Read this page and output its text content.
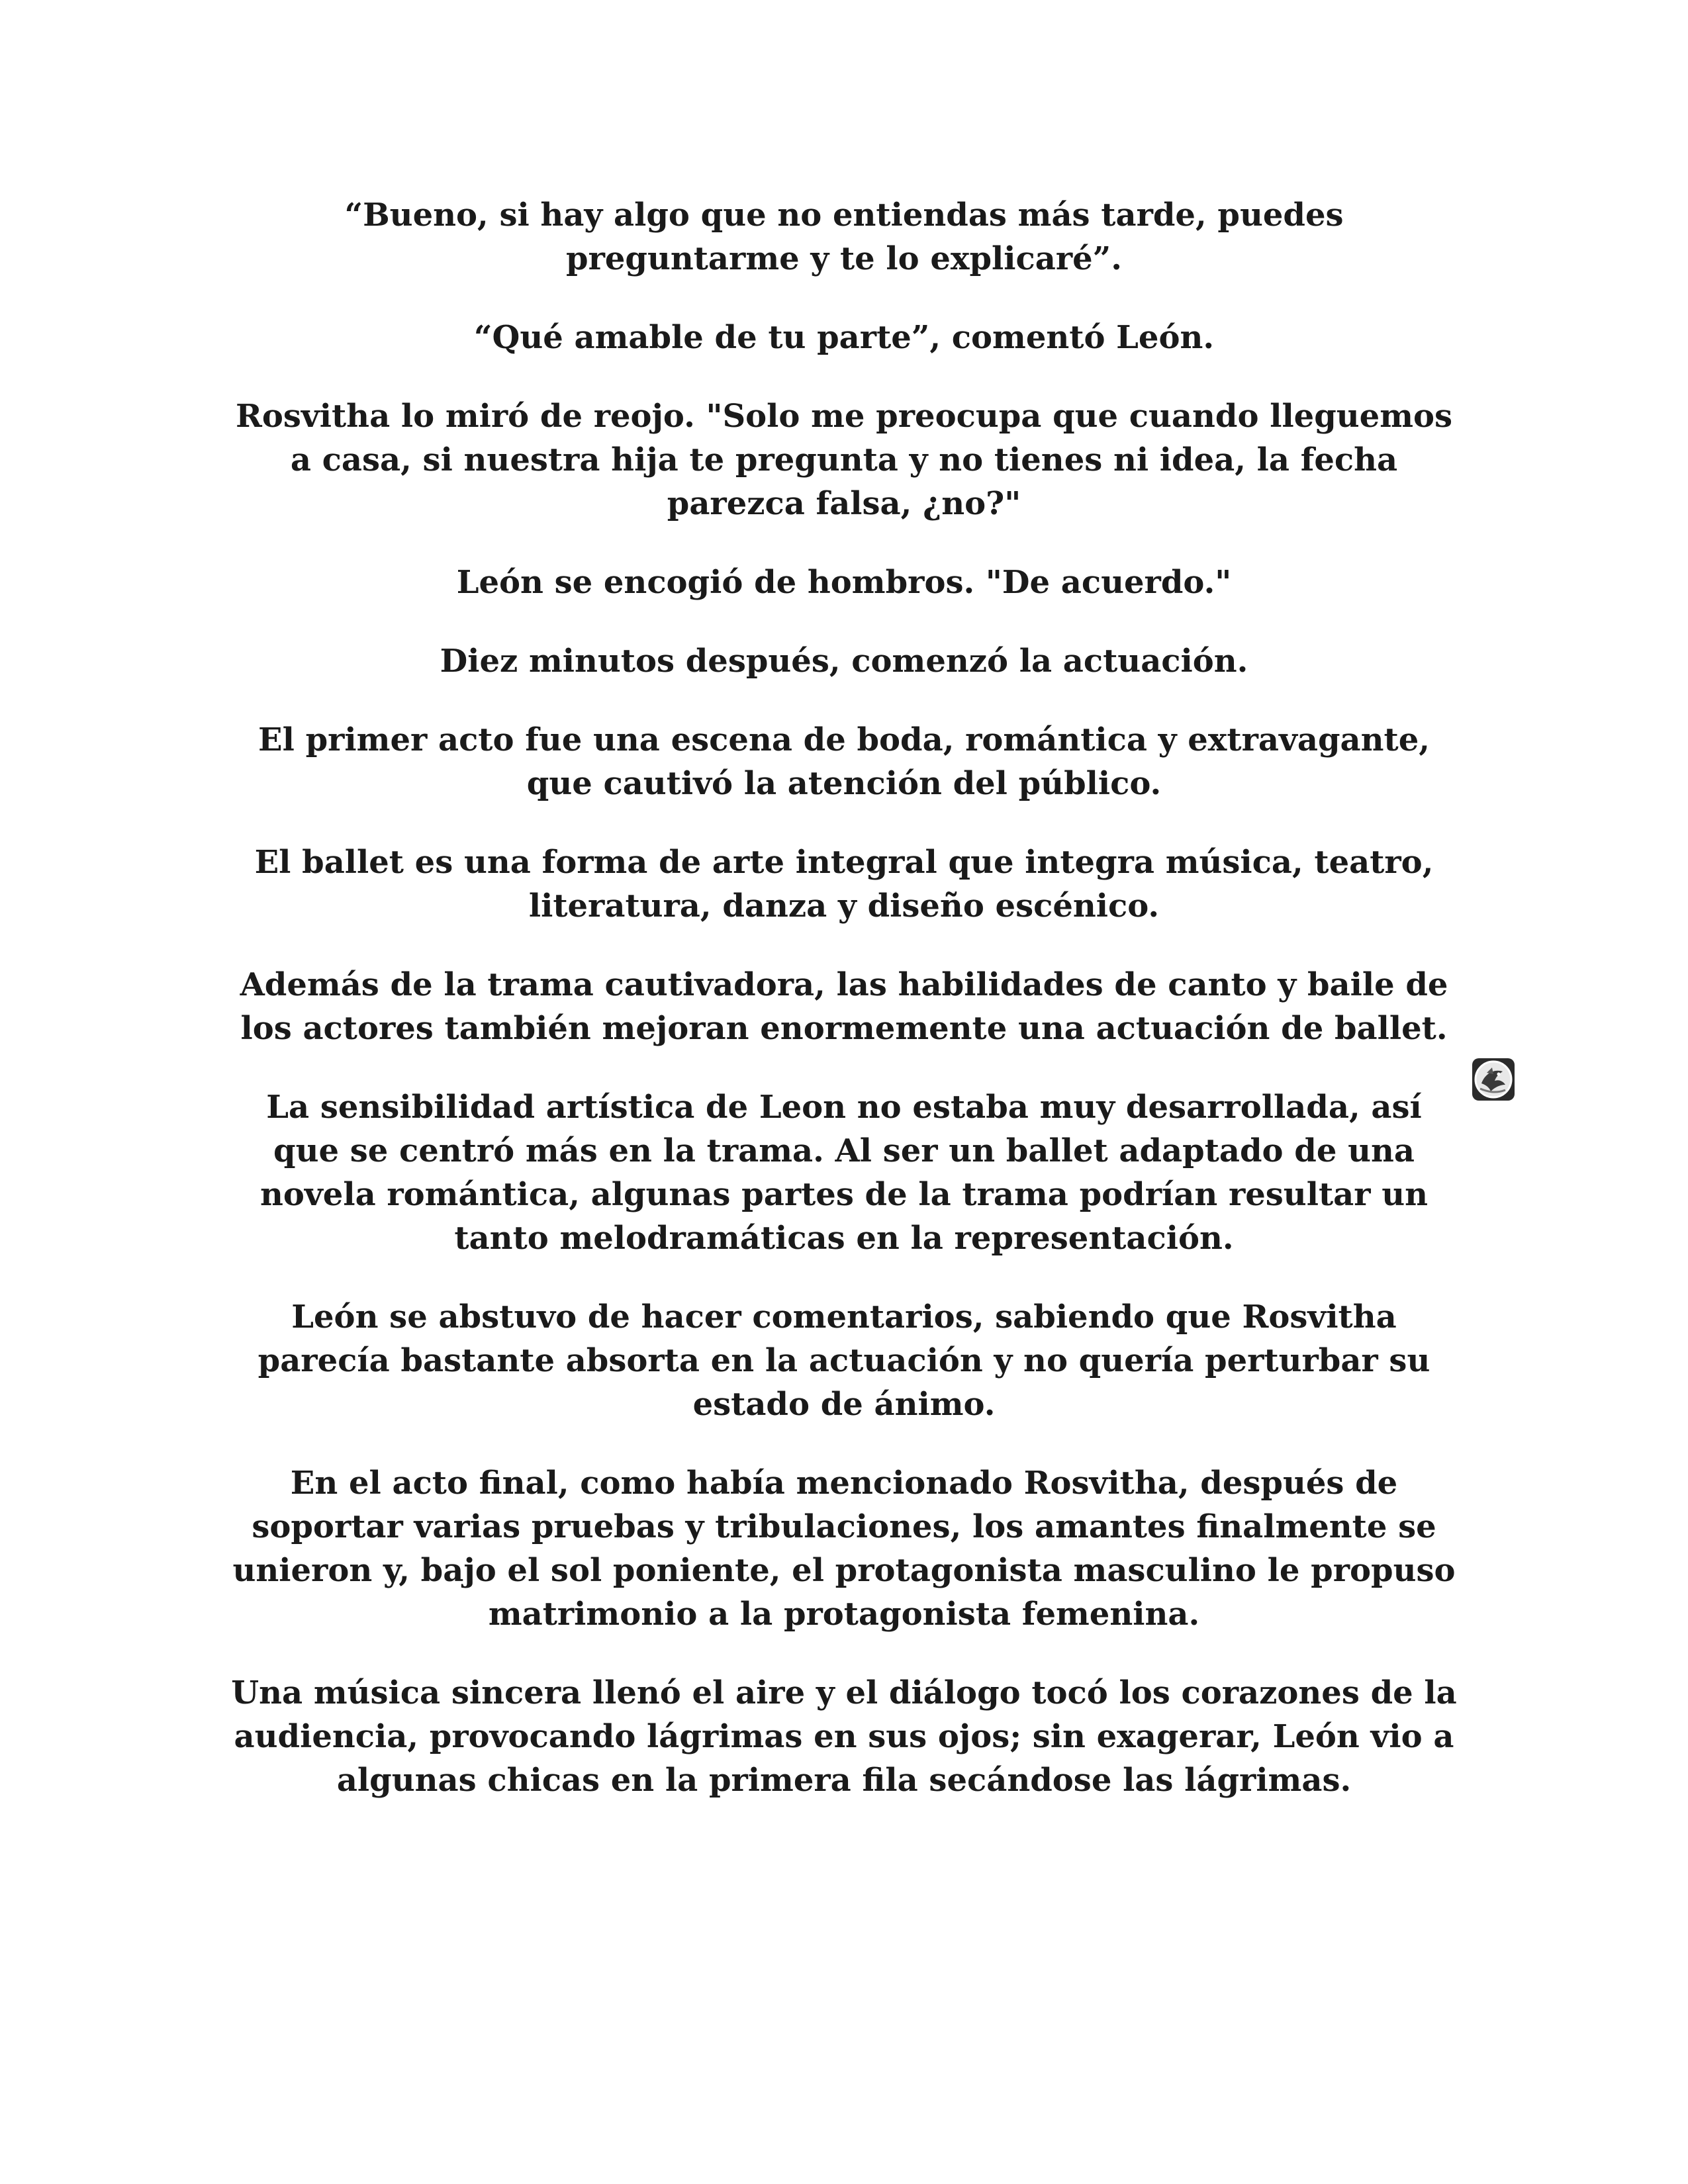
“Bueno, si hay algo que no entiendas más tarde, puedes preguntarme y te lo explicaré”.

“Qué amable de tu parte”, comentó León.

Rosvitha lo miró de reojo. "Solo me preocupa que cuando lleguemos a casa, si nuestra hija te pregunta y no tienes ni idea, la fecha parezca falsa, ¿no?"

León se encogió de hombros. "De acuerdo."

Diez minutos después, comenzó la actuación.

El primer acto fue una escena de boda, romántica y extravagante, que cautivó la atención del público.

El ballet es una forma de arte integral que integra música, teatro, literatura, danza y diseño escénico.

Además de la trama cautivadora, las habilidades de canto y baile de los actores también mejoran enormemente una actuación de ballet.

La sensibilidad artística de Leon no estaba muy desarrollada, así que se centró más en la trama. Al ser un ballet adaptado de una novela romántica, algunas partes de la trama podrían resultar un tanto melodramáticas en la representación.

León se abstuvo de hacer comentarios, sabiendo que Rosvitha parecía bastante absorta en la actuación y no quería perturbar su estado de ánimo.

En el acto final, como había mencionado Rosvitha, después de soportar varias pruebas y tribulaciones, los amantes finalmente se unieron y, bajo el sol poniente, el protagonista masculino le propuso matrimonio a la protagonista femenina.

Una música sincera llenó el aire y el diálogo tocó los corazones de la audiencia, provocando lágrimas en sus ojos; sin exagerar, León vio a algunas chicas en la primera fila secándose las lágrimas.
